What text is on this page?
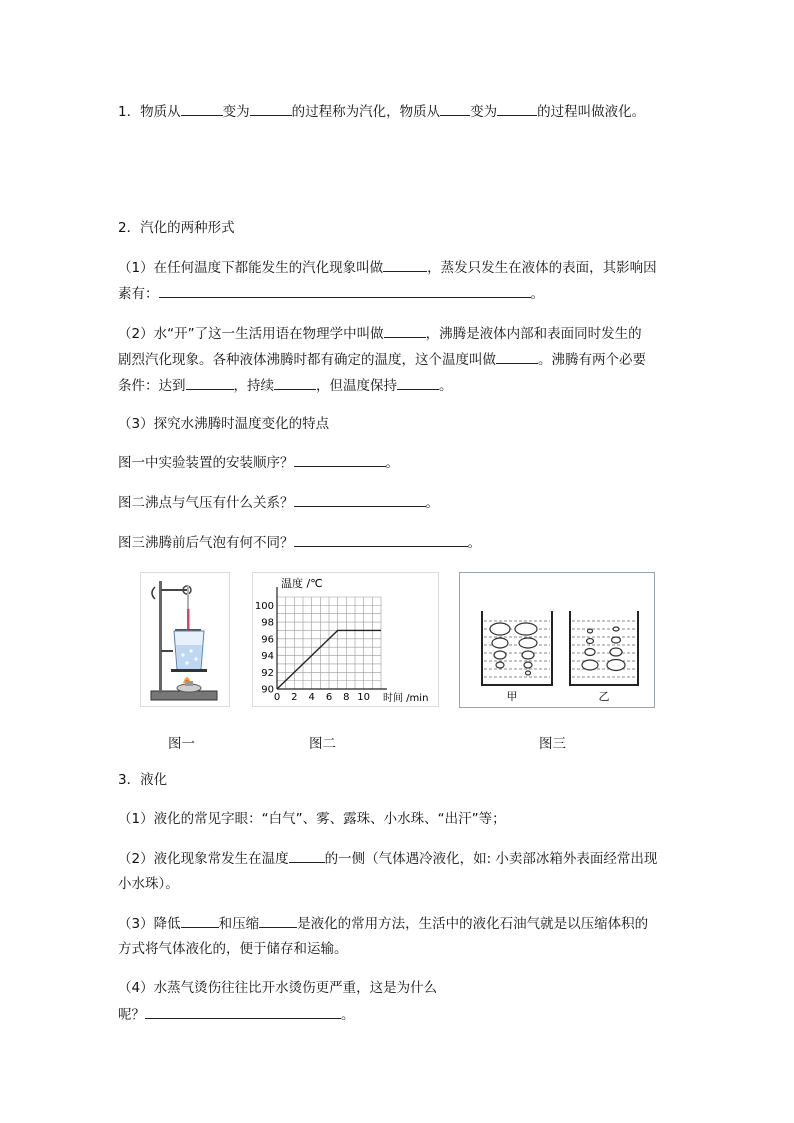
1．物质从	变为	的过程称为汽化，物质从 变为	的过程叫做液化。
2．汽化的两种形式
（1）在任何温度下都能发生的汽化现象叫做	，蒸发只发生在液体的表面，其影响因
素有：	。
（2）水“开”了这一生活用语在物理学中叫做	，沸腾是液体内部和表面同时发生的
剧烈汽化现象。各种液体沸腾时都有确定的温度，这个温度叫做	。沸腾有两个必要
条件：达到	，持续	，但温度保持	。
（3）探究水沸腾时温度变化的特点
图一中实验装置的安装顺序？	。
图二沸点与气压有什么关系？	。
图三沸腾前后气泡有何不同？	。
0 2 4 6 8 10
90
92
94
96
98
100
温度 /℃
时间 /min	甲	乙
图一	图二	图三
3．液化
（1）液化的常见字眼：“白气”、雾、露珠、小水珠、“出汗”等；
（2）液化现象常发生在温度	的一侧（气体遇冷液化，如: 小卖部冰箱外表面经常出现
小水珠）。
（3）降低	和压缩	是液化的常用方法，生活中的液化石油气就是以压缩体积的
方式将气体液化的，便于储存和运输。
（4）水蒸气烫伤往往比开水烫伤更严重，这是为什么
呢？	。
